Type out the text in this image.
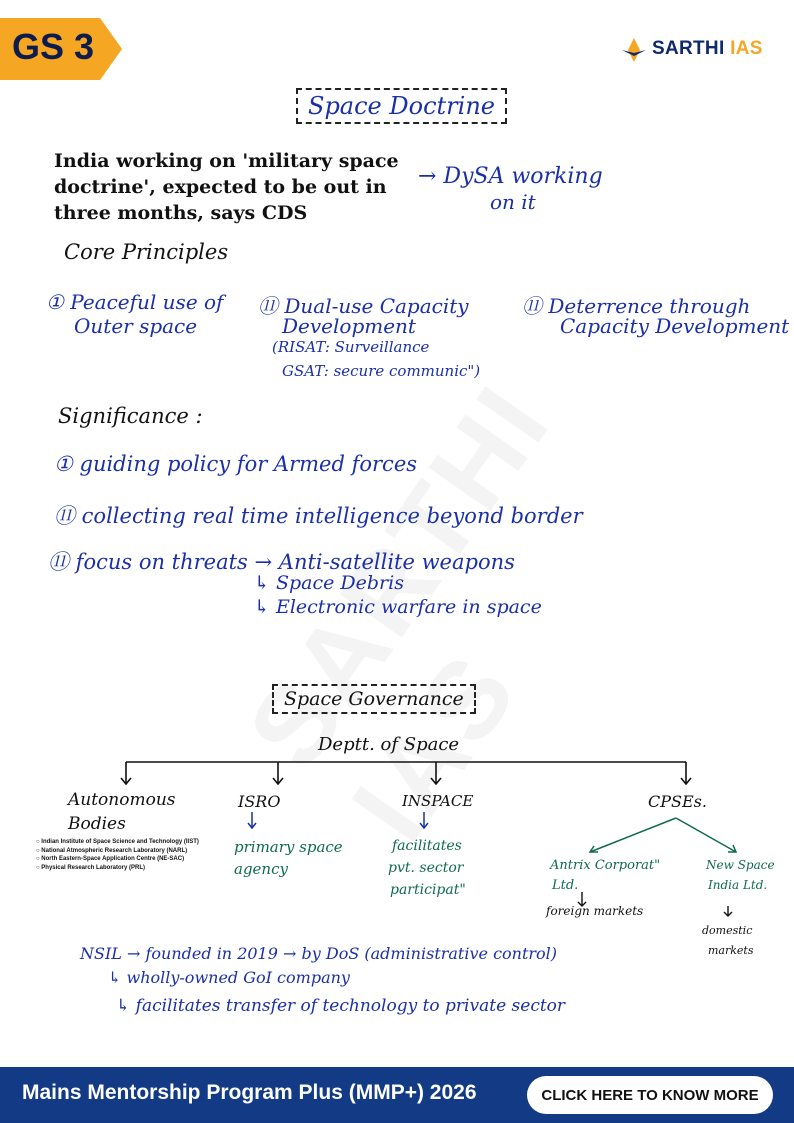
GS 3	SARTHI IAS
Space Doctrine
India working on 'military space doctrine', expected to be out in three months, says CDS
→ DySA working
on it
Core Principles
① Peaceful use of
Outer space
⑪ Dual-use Capacity
Development
(RISAT: Surveillance
GSAT: secure communic")
⑪ Deterrence through
Capacity Development
Significance :
① guiding policy for Armed forces
⑪ collecting real time intelligence beyond border
⑪ focus on threats → Anti-satellite weapons
↳ Space Debris
↳ Electronic warfare in space
Space Governance
Deptt. of Space
Autonomous
Bodies
ISRO	INSPACE	CPSEs.
○ Indian Institute of Space Science and Technology (IIST)
○ National Atmospheric Research Laboratory (NARL)
○ North Eastern-Space Application Centre (NE-SAC)
○ Physical Research Laboratory (PRL)
primary space
agency
facilitates
pvt. sector
participat"
Antrix Corporat"
Ltd.
foreign markets
New Space
India Ltd.
domestic
markets
NSIL → founded in 2019 → by DoS (administrative control)
↳ wholly-owned GoI company
↳ facilitates transfer of technology to private sector
Mains Mentorship Program Plus (MMP+) 2026	CLICK HERE TO KNOW MORE
